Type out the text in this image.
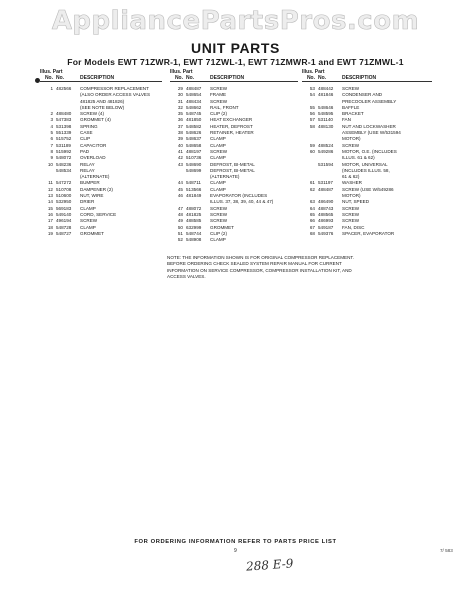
AppliancePartsPros.com
UNIT PARTS
For Models EWT 71ZWR-1, EWT 71ZWL-1, EWT 71ZMWR-1 and EWT 71ZMWL-1
Illus. Part
No. No.	DESCRIPTION
1 482566	COMPRESSOR REPLACEMENT
(ALSO ORDER ACCESS VALVES
481825 AND 481826)
(SEE NOTE BELOW)
2 488480	SCREW (4)
3 547383	GROMMET (4)
4 531398	SPRING
5 551339	CASE
6 515752	CLIP
7 531189	CAPACITOR
8 515992	PAD
9 548072	OVERLOAD
10 548236	RELAY
548534	RELAY
(ALTERNATE)
11 547272	BUMPER
12 510708	DAMPENER (2)
13 510600	NUT, WIRE
14 532950	DRIER
15 569183	CLAMP
16 549140	CORD, SERVICE
17 496194	SCREW
18 548728	CLAMP
19 548727	GROMMET
Illus. Part
No. No.	DESCRIPTION
29 488487	SCREW
30 548654	FRAME
31 488434	SCREW
32 548662	RAIL, FRONT
35 548745	CLIP (2)
36 481850	HEAT EXCHANGER
37 548582	HEATER, DEFROST
38 548626	RETAINER, HEATER
39 548637	CLAMP
40 548658	CLAMP
41 488197	SCREW
42 510736	CLAMP
43 548690	DEFROST, BI-METAL
548699	DEFROST, BI-METAL
(ALTERNATE)
44 548711	CLAMP
45 513566	CLAMP
46 481849	EVAPORATOR (INCLUDES
ILLUS. 37, 38, 39, 40, 44 & 47)
47 488072	SCREW
48 481825	SCREW
49 488585	SCREW
50 632999	GROMMET
51 548744	CLIP (2)
52 548908	CLAMP
Illus. Part
No. No.	DESCRIPTION
53 488442	SCREW
54 481846	CONDENSER AND
PRECOOLER ASSEMBLY
55 548646	BAFFLE
56 548595	BRACKET
57 531140	FAN
58 488130	NUT AND LOCKWASHER
ASSEMBLY (USE W/531594
MOTOR)
59 488524	SCREW
60 549286	MOTOR, O.E. (INCLUDES
ILLUS. 61 & 62)
531594	MOTOR, UNIVERSAL
(INCLUDES ILLUS. 58,
61 & 62)
61 531197	WASHER
62 488487	SCREW (USE W/549286
MOTOR)
63 486490	NUT, SPEED
64 488743	SCREW
65 488565	SCREW
66 486993	SCREW
67 549187	FAN, DISC
68 549376	SPACER, EVAPORATOR
NOTE: THE INFORMATION SHOWN IS FOR ORIGINAL COMPRESSOR REPLACEMENT. BEFORE ORDERING CHECK SEALED SYSTEM REPAIR MANUAL FOR CURRENT INFORMATION ON SERVICE COMPRESSOR, COMPRESSOR INSTALLATION KIT, AND ACCESS VALVES.
FOR ORDERING INFORMATION REFER TO PARTS PRICE LIST
9	7/ 583
288 E-9
